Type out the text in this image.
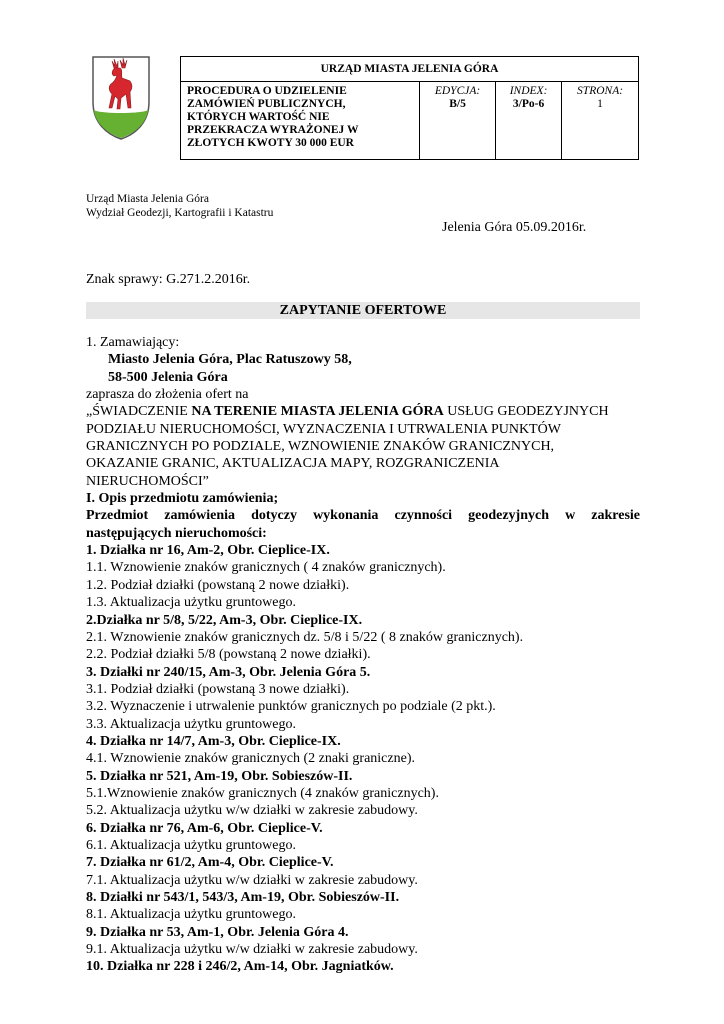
URZĄD MIASTA JELENIA GÓRA

PROCEDURA O UDZIELENIE
ZAMÓWIEŃ PUBLICZNYCH,
KTÓRYCH WARTOŚĆ NIE
PRZEKRACZA WYRAŻONEJ W
ZŁOTYCH KWOTY 30 000 EUR

EDYCJA:
B/5

INDEX:
3/Po-6

STRONA:
1
Urząd Miasta Jelenia Góra
Wydział Geodezji, Kartografii i Katastru
Jelenia Góra 05.09.2016r.
Znak sprawy: G.271.2.2016r.
ZAPYTANIE OFERTOWE

1. Zamawiający:

Miasto Jelenia Góra, Plac Ratuszowy 58,

58-500 Jelenia Góra

zaprasza do złożenia ofert na

„ŚWIADCZENIE NA TERENIE MIASTA JELENIA GÓRA USŁUG GEODEZYJNYCH

PODZIAŁU NIERUCHOMOŚCI, WYZNACZENIA I UTRWALENIA PUNKTÓW

GRANICZNYCH PO PODZIALE, WZNOWIENIE ZNAKÓW GRANICZNYCH,

OKAZANIE GRANIC, AKTUALIZACJA MAPY, ROZGRANICZENIA

NIERUCHOMOŚCI”

I. Opis przedmiotu zamówienia;

Przedmiot zamówienia dotyczy wykonania czynności geodezyjnych w zakresie

następujących nieruchomości:

1. Działka nr 16, Am-2, Obr. Cieplice-IX.

1.1. Wznowienie znaków granicznych ( 4 znaków granicznych).

1.2. Podział działki (powstaną 2 nowe działki).

1.3. Aktualizacja użytku gruntowego.

2.Działka nr 5/8, 5/22, Am-3, Obr. Cieplice-IX.

2.1. Wznowienie znaków granicznych dz. 5/8 i 5/22 ( 8 znaków granicznych).

2.2. Podział działki 5/8 (powstaną 2 nowe działki).

3. Działki nr 240/15, Am-3, Obr. Jelenia Góra 5.

3.1. Podział działki (powstaną 3 nowe działki).

3.2. Wyznaczenie i utrwalenie punktów granicznych po podziale (2 pkt.).

3.3. Aktualizacja użytku gruntowego.

4. Działka nr 14/7, Am-3, Obr. Cieplice-IX.

4.1. Wznowienie znaków granicznych (2 znaki graniczne).

5. Działka nr 521, Am-19, Obr. Sobieszów-II.

5.1.Wznowienie znaków granicznych (4 znaków granicznych).

5.2. Aktualizacja użytku w/w działki w zakresie zabudowy.

6. Działka nr 76, Am-6, Obr. Cieplice-V.

6.1. Aktualizacja użytku gruntowego.

7. Działka nr 61/2, Am-4, Obr. Cieplice-V.

7.1. Aktualizacja użytku w/w działki w zakresie zabudowy.

8. Działki nr 543/1, 543/3, Am-19, Obr. Sobieszów-II.

8.1. Aktualizacja użytku gruntowego.

9. Działka nr 53, Am-1, Obr. Jelenia Góra 4.

9.1. Aktualizacja użytku w/w działki w zakresie zabudowy.

10. Działka nr 228 i 246/2, Am-14, Obr. Jagniatków.
